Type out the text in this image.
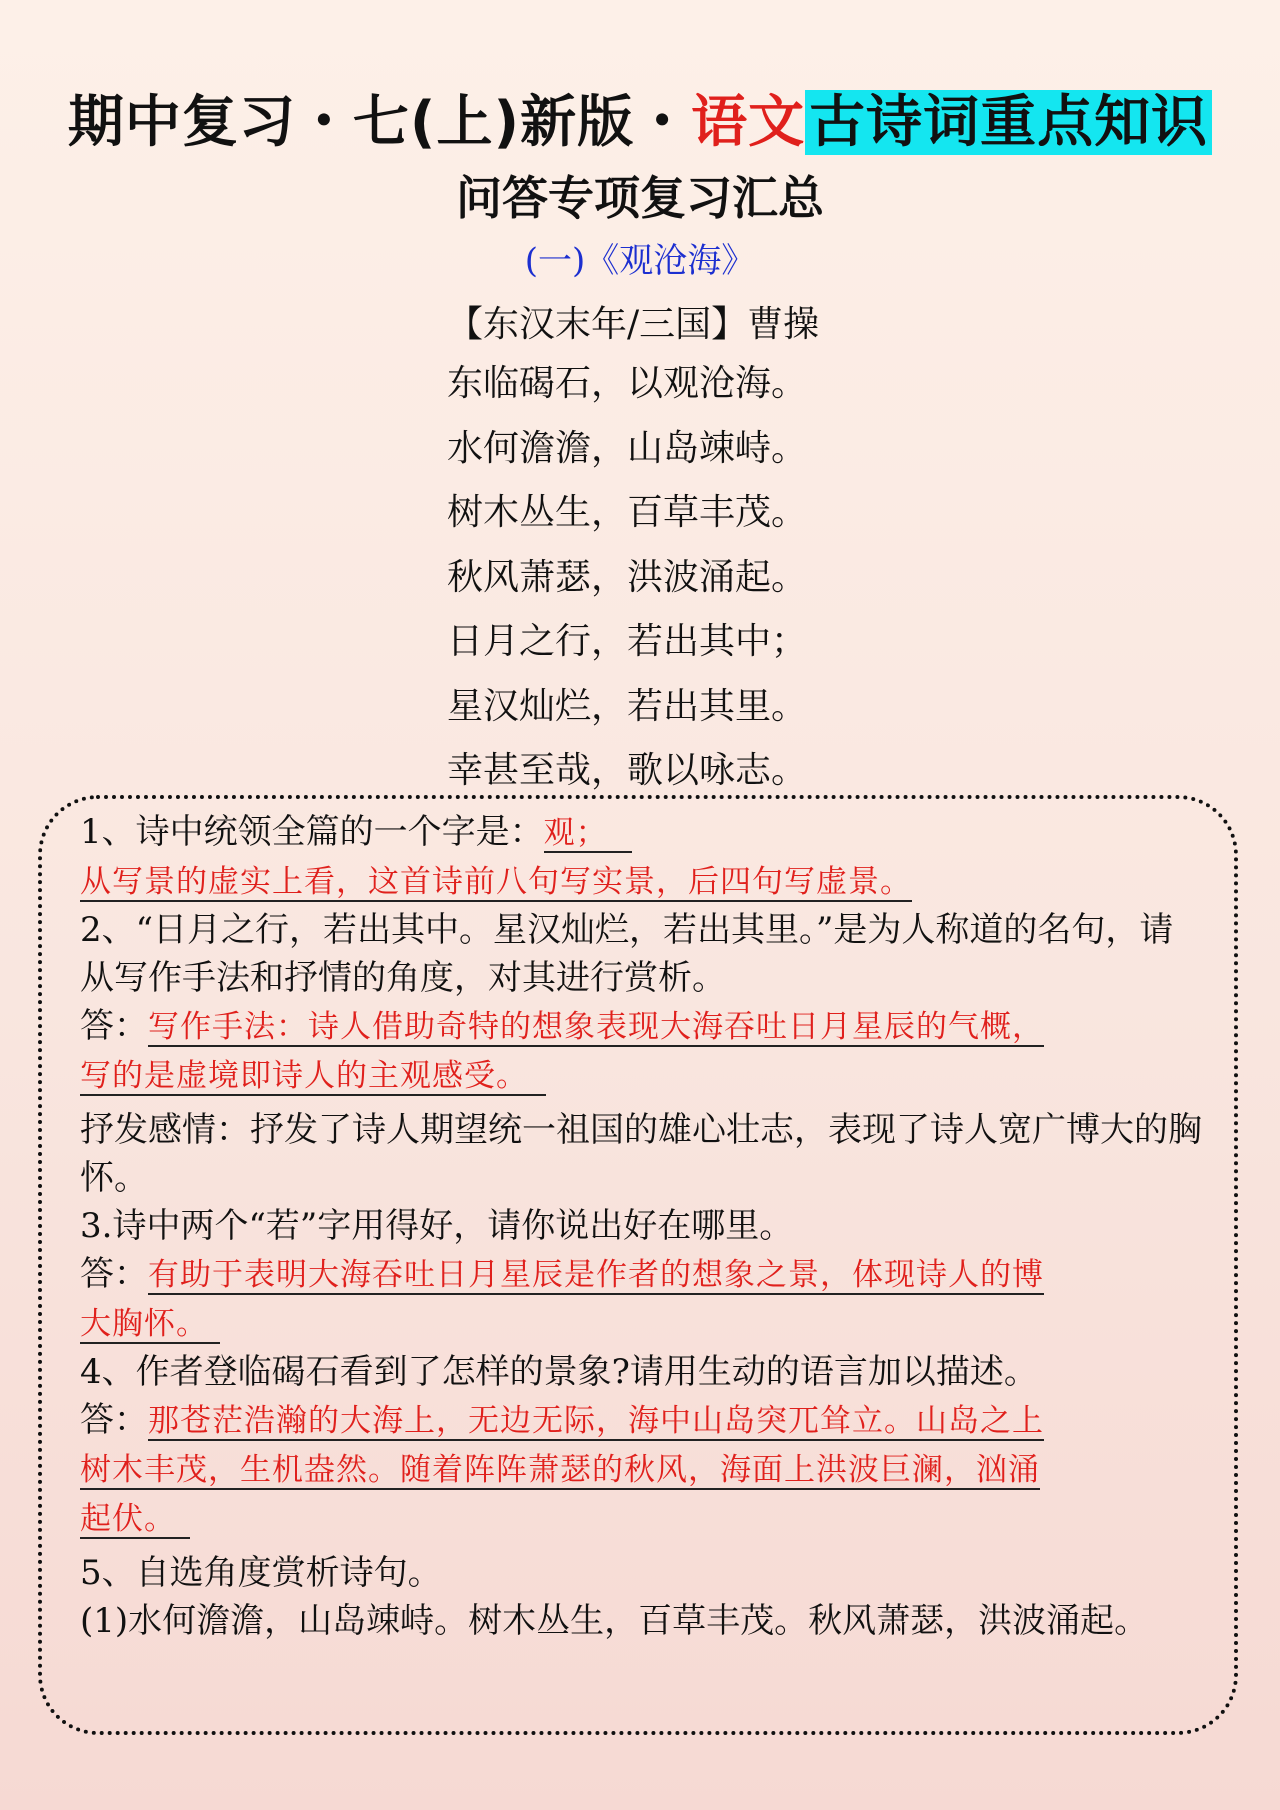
期中复习・七(上)新版・语文古诗词重点知识
问答专项复习汇总
(一)《观沧海》
【东汉末年/三国】曹操
东临碣石，以观沧海。
水何澹澹，山岛竦峙。
树木丛生，百草丰茂。
秋风萧瑟，洪波涌起。
日月之行，若出其中；
星汉灿烂，若出其里。
幸甚至哉，歌以咏志。

1、诗中统领全篇的一个字是：观；

从写景的虚实上看，这首诗前八句写实景，后四句写虚景。

2、“日月之行，若出其中。星汉灿烂，若出其里。”是为人称道的名句，请从写作手法和抒情的角度，对其进行赏析。

答：写作手法：诗人借助奇特的想象表现大海吞吐日月星辰的气概，

写的是虚境即诗人的主观感受。

抒发感情：抒发了诗人期望统一祖国的雄心壮志，表现了诗人宽广博大的胸怀。

3.诗中两个“若”字用得好，请你说出好在哪里。

答：有助于表明大海吞吐日月星辰是作者的想象之景，体现诗人的博

大胸怀。

4、作者登临碣石看到了怎样的景象?请用生动的语言加以描述。

答：那苍茫浩瀚的大海上，无边无际，海中山岛突兀耸立。山岛之上

树木丰茂，生机盎然。随着阵阵萧瑟的秋风，海面上洪波巨澜，汹涌

起伏。

5、自选角度赏析诗句。

(1)水何澹澹，山岛竦峙。树木丛生，百草丰茂。秋风萧瑟，洪波涌起。
